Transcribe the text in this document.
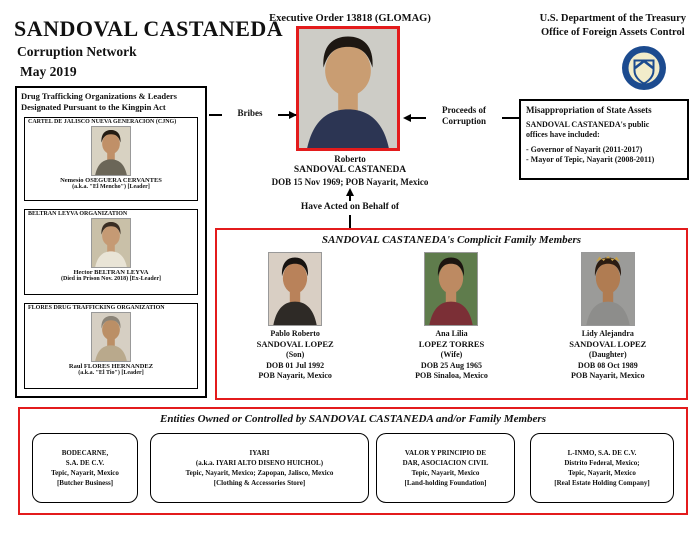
SANDOVAL CASTANEDA
Corruption Network
May 2019
Executive Order 13818 (GLOMAG)	U.S. Department of the Treasury
Office of Foreign Assets Control
Drug Trafficking Organizations & Leaders
Designated Pursuant to the Kingpin Act
CARTEL DE JALISCO NUEVA GENERACION (CJNG)
Nemesio OSEGUERA CERVANTES
(a.k.a. "El Mencho") [Leader]
BELTRAN LEYVA ORGANIZATION
Hector BELTRAN LEYVA
(Died in Prison Nov. 2018) [Ex-Leader]
FLORES DRUG TRAFFICKING ORGANIZATION
Raul FLORES HERNANDEZ
(a.k.a. "El Tio") [Leader]
Roberto
SANDOVAL CASTANEDA
DOB 15 Nov 1969; POB Nayarit, Mexico
Bribes	Proceeds of
Corruption
Have Acted on Behalf of
Misappropriation of State Assets
SANDOVAL CASTANEDA's public
offices have included:
- Governor of Nayarit (2011-2017)
- Mayor of Tepic, Nayarit (2008-2011)
SANDOVAL CASTANEDA's Complicit Family Members
Pablo Roberto
SANDOVAL LOPEZ
(Son)
DOB 01 Jul 1992
POB Nayarit, Mexico
Ana Lilia
LOPEZ TORRES
(Wife)
DOB 25 Aug 1965
POB Sinaloa, Mexico
Lidy Alejandra
SANDOVAL LOPEZ
(Daughter)
DOB 08 Oct 1989
POB Nayarit, Mexico
Entities Owned or Controlled by SANDOVAL CASTANEDA and/or Family Members
BODECARNE,
S.A. DE C.V.
Tepic, Nayarit, Mexico
[Butcher Business]
IYARI
(a.k.a. IYARI ALTO DISENO HUICHOL)
Tepic, Nayarit, Mexico; Zapopan, Jalisco, Mexico
[Clothing & Accessories Store]
VALOR Y PRINCIPIO DE
DAR, ASOCIACION CIVIL
Tepic, Nayarit, Mexico
[Land-holding Foundation]
L-INMO, S.A. DE C.V.
Distrito Federal, Mexico;
Tepic, Nayarit, Mexico
[Real Estate Holding Company]
